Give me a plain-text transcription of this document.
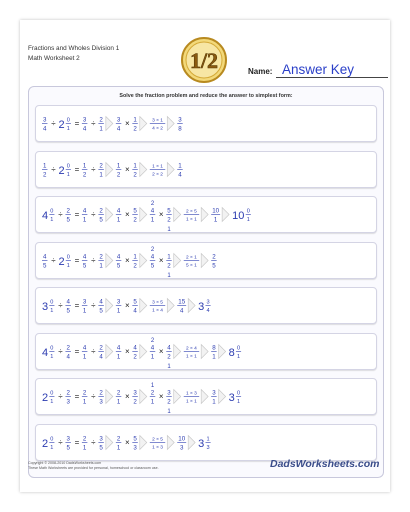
Fractions and Wholes Division 1
Math Worksheet 2	1/2	Name: Answer Key
Solve the fraction problem and reduce the answer to simplest form:
3
4
÷ 2 0
1
= 3
4
÷ 2
1
3
4
× 1
2
3 × 1
4 × 2
3
8
1
2
÷ 2 0
1
= 1
2
÷ 2
1
1
2
× 1
2
1 × 1
2 × 2
1
4
4 0
1
÷ 2
5
= 4
1
÷ 2
5
4
1
× 5
2
4
1
2
× 5
2
1
2 × 5
1 × 1
10
1 10 0
1
4
5
÷ 2 0
1
= 4
5
÷ 2
1
4
5
× 1
2
4
5
2
× 1
2
1
2 × 1
5 × 1
2
5
3 0
1
÷ 4
5
= 3
1
÷ 4
5
3
1
× 5
4
3 × 5
1 × 4
15
4 3 3
4
4 0
1
÷ 2
4
= 4
1
÷ 2
4
4
1
× 4
2
4
1
2
× 4
2
1
2 × 4
1 × 1
8
1 8 0
1
2 0
1
÷ 2
3
= 2
1
÷ 2
3
2
1
× 3
2
2
1
1
× 3
2
1
1 × 3
1 × 1
3
1 3 0
1
2 0
1
÷ 3
5
= 2
1
÷ 3
5
2
1
× 5
3
2 × 5
1 × 3
10
3 3 1
3
Copyright © 2008-2010 DadsWorksheets.com
These Math Worksheets are provided for personal, homeschool or classroom use.	DadsWorksheets.com
